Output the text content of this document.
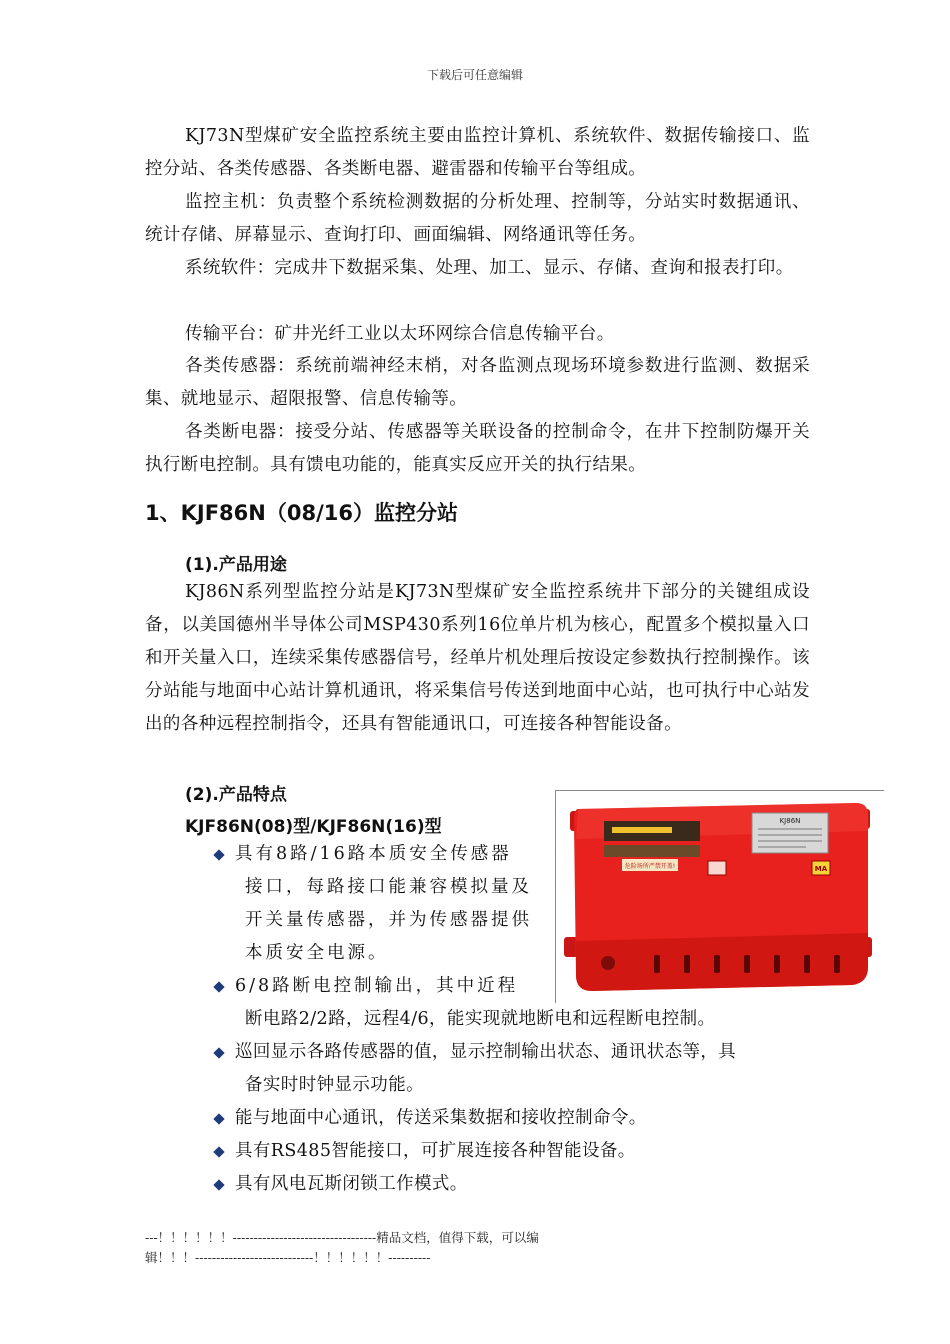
下载后可任意编辑

KJ73N型煤矿安全监控系统主要由监控计算机、系统软件、数据传输接口、监控分站、各类传感器、各类断电器、避雷器和传输平台等组成。

监控主机：负责整个系统检测数据的分析处理、控制等，分站实时数据通讯、统计存储、屏幕显示、查询打印、画面编辑、网络通讯等任务。

系统软件：完成井下数据采集、处理、加工、显示、存储、查询和报表打印。

传输平台：矿井光纤工业以太环网综合信息传输平台。

各类传感器：系统前端神经末梢，对各监测点现场环境参数进行监测、数据采集、就地显示、超限报警、信息传输等。

各类断电器：接受分站、传感器等关联设备的控制命令，在井下控制防爆开关执行断电控制。具有馈电功能的，能真实反应开关的执行结果。

1、KJF86N（08/16）监控分站
(1).产品用途

KJ86N系列型监控分站是KJ73N型煤矿安全监控系统井下部分的关键组成设备，以美国德州半导体公司MSP430系列16位单片机为核心，配置多个模拟量入口和开关量入口，连续采集传感器信号，经单片机处理后按设定参数执行控制操作。该分站能与地面中心站计算机通讯，将采集信号传送到地面中心站，也可执行中心站发出的各种远程控制指令，还具有智能通讯口，可连接各种智能设备。

(2).产品特点
KJF86N(08)型/KJF86N(16)型	KJ86N
危险场所严禁开盖!	MA
具有8路/16路本质安全传感器
接口，每路接口能兼容模拟量及
开关量传感器，并为传感器提供
本质安全电源。
6/8路断电控制输出，其中近程
断电路2/2路，远程4/6，能实现就地断电和远程断电控制。
巡回显示各路传感器的值，显示控制输出状态、通讯状态等，具
备实时时钟显示功能。
能与地面中心通讯，传送采集数据和接收控制命令。
具有RS485智能接口，可扩展连接各种智能设备。
具有风电瓦斯闭锁工作模式。
---！！！！！！----------------------------------精品文档，值得下载，可以编
辑！！！----------------------------！！！！！！----------
